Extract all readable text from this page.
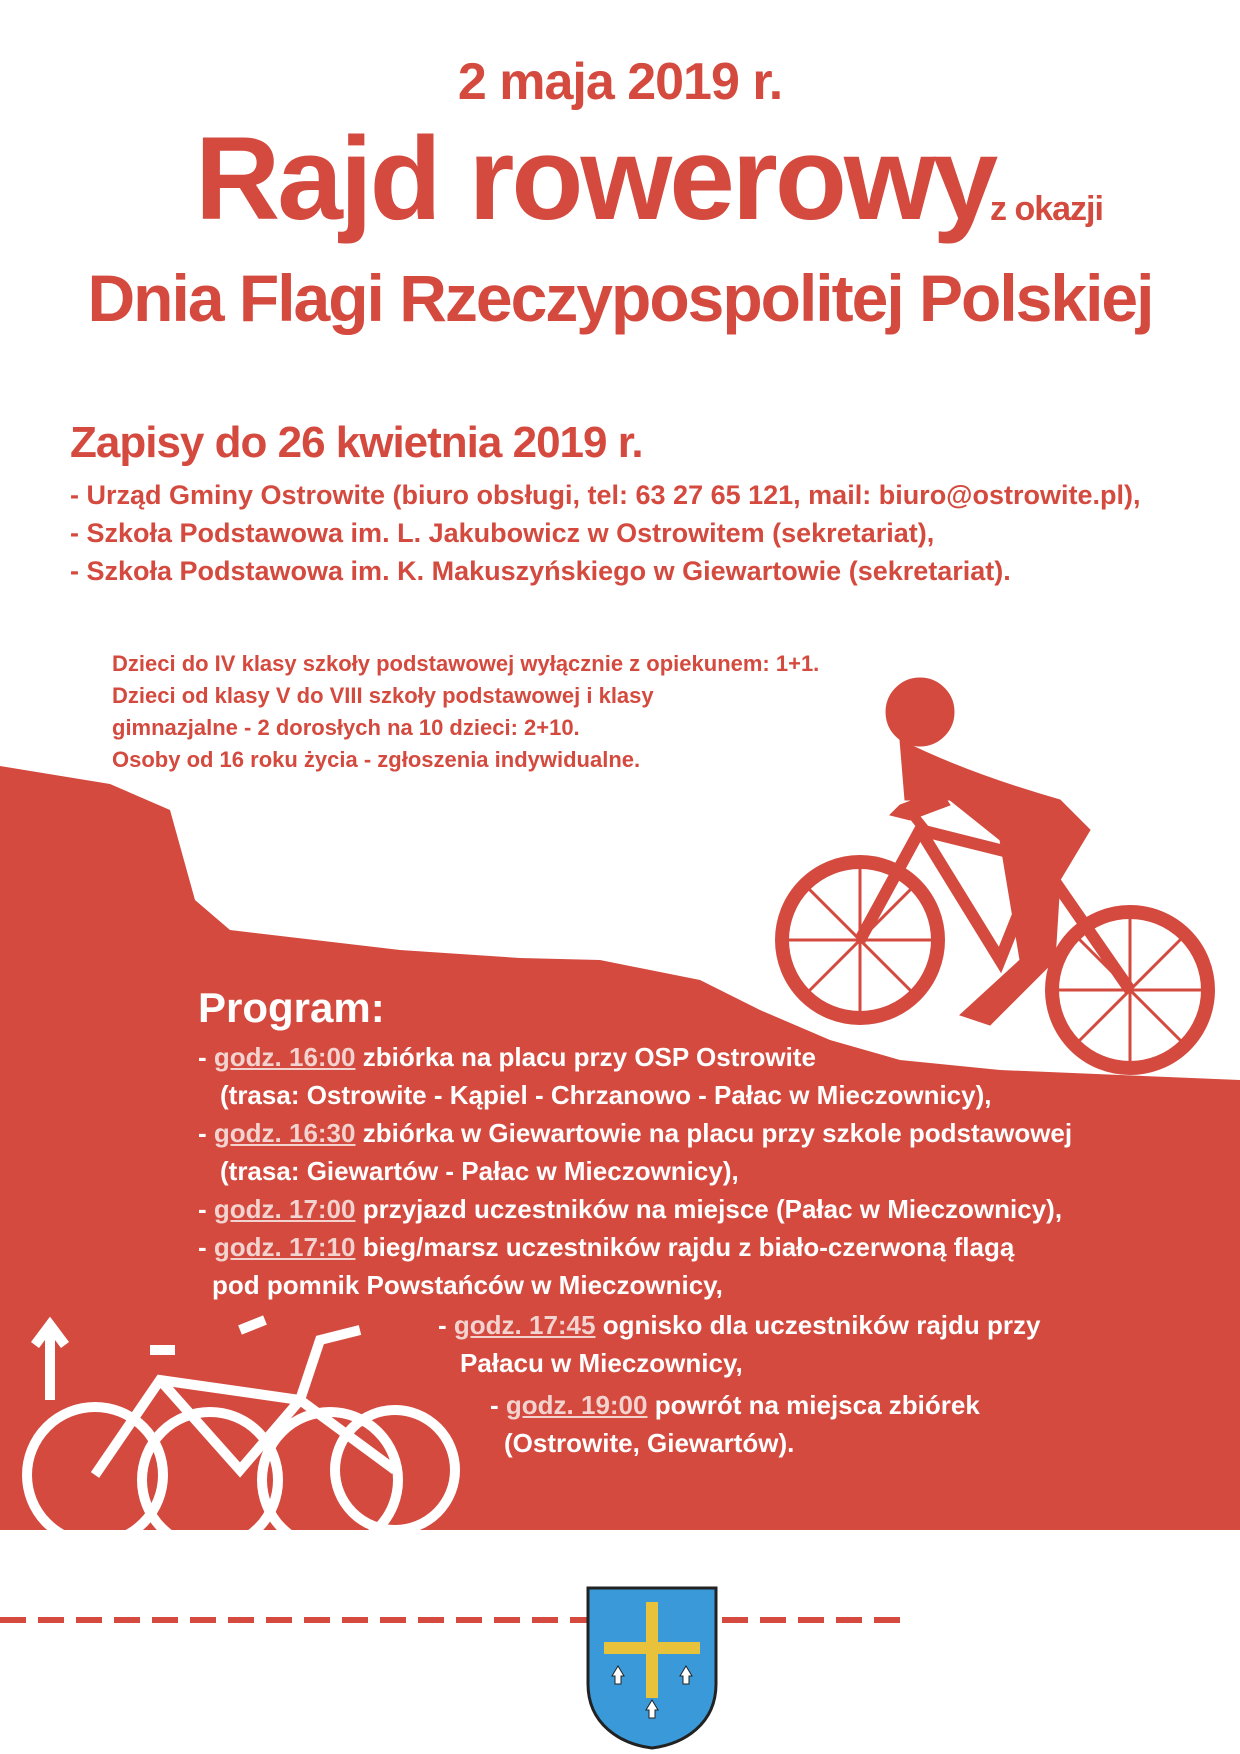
2 maja 2019 r.
Rajd rowerowy
z okazji
Dnia Flagi Rzeczypospolitej Polskiej
Zapisy do 26 kwietnia 2019 r.
- Urząd Gminy Ostrowite (biuro obsługi, tel: 63 27 65 121, mail: biuro@ostrowite.pl),
- Szkoła Podstawowa im. L. Jakubowicz w Ostrowitem (sekretariat),
- Szkoła Podstawowa im. K. Makuszyńskiego w Giewartowie (sekretariat).
Dzieci do IV klasy szkoły podstawowej wyłącznie z opiekunem: 1+1.
Dzieci od klasy V do VIII szkoły podstawowej i klasy
gimnazjalne - 2 dorosłych na 10 dzieci: 2+10.
Osoby od 16 roku życia - zgłoszenia indywidualne.
Program:
- godz. 16:00 zbiórka na placu przy OSP Ostrowite
(trasa: Ostrowite - Kąpiel - Chrzanowo - Pałac w Mieczownicy),
- godz. 16:30 zbiórka w Giewartowie na placu przy szkole podstawowej
(trasa: Giewartów - Pałac w Mieczownicy),
- godz. 17:00 przyjazd uczestników na miejsce (Pałac w Mieczownicy),
- godz. 17:10 bieg/marsz uczestników rajdu z biało-czerwoną flagą
pod pomnik Powstańców w Mieczownicy,
- godz. 17:45 ognisko dla uczestników rajdu przy
Pałacu w Mieczownicy,
- godz. 19:00 powrót na miejsca zbiórek
(Ostrowite, Giewartów).
